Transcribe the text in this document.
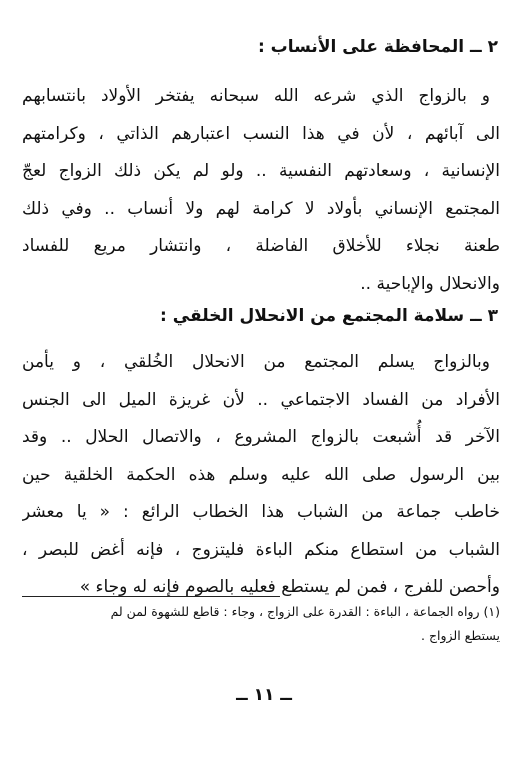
٢ ــ المحافظة على الأنساب :
و بالزواج الذي شرعه الله سبحانه يفتخر الأولاد بانتسابهم
الى آبائهم ، لأن في هذا النسب اعتبارهم الذاتي ، وكرامتهم
الإنسانية ، وسعادتهم النفسية .. ولو لم يكن ذلك الزواج لعجّ
المجتمع الإنساني بأولاد لا كرامة لهم ولا أنساب .. وفي ذلك
طعنة نجلاء للأخلاق الفاضلة ، وانتشار مريع للفساد
والانحلال والإباحية ..
٣ ــ سلامة المجتمع من الانحلال الخلقي :
وبالزواج يسلم المجتمع من الانحلال الخُلقي ، و يأمن
الأفراد من الفساد الاجتماعي .. لأن غريزة الميل الى الجنس
الآخر قد أُشبعت بالزواج المشروع ، والاتصال الحلال .. وقد
بين الرسول صلى الله عليه وسلم هذه الحكمة الخلقية حين
خاطب جماعة من الشباب هذا الخطاب الرائع : « يا معشر
الشباب من استطاع منكم الباءة فليتزوج ، فإنه أغض للبصر ،
وأحصن للفرج ، فمن لم يستطع فعليه بالصوم فإنه له وجاء »
(١) رواه الجماعة ، الباءة : القدرة على الزواج ، وجاء : قاطع للشهوة لمن لم
يستطع الزواج .
ــ ١١ ــ
